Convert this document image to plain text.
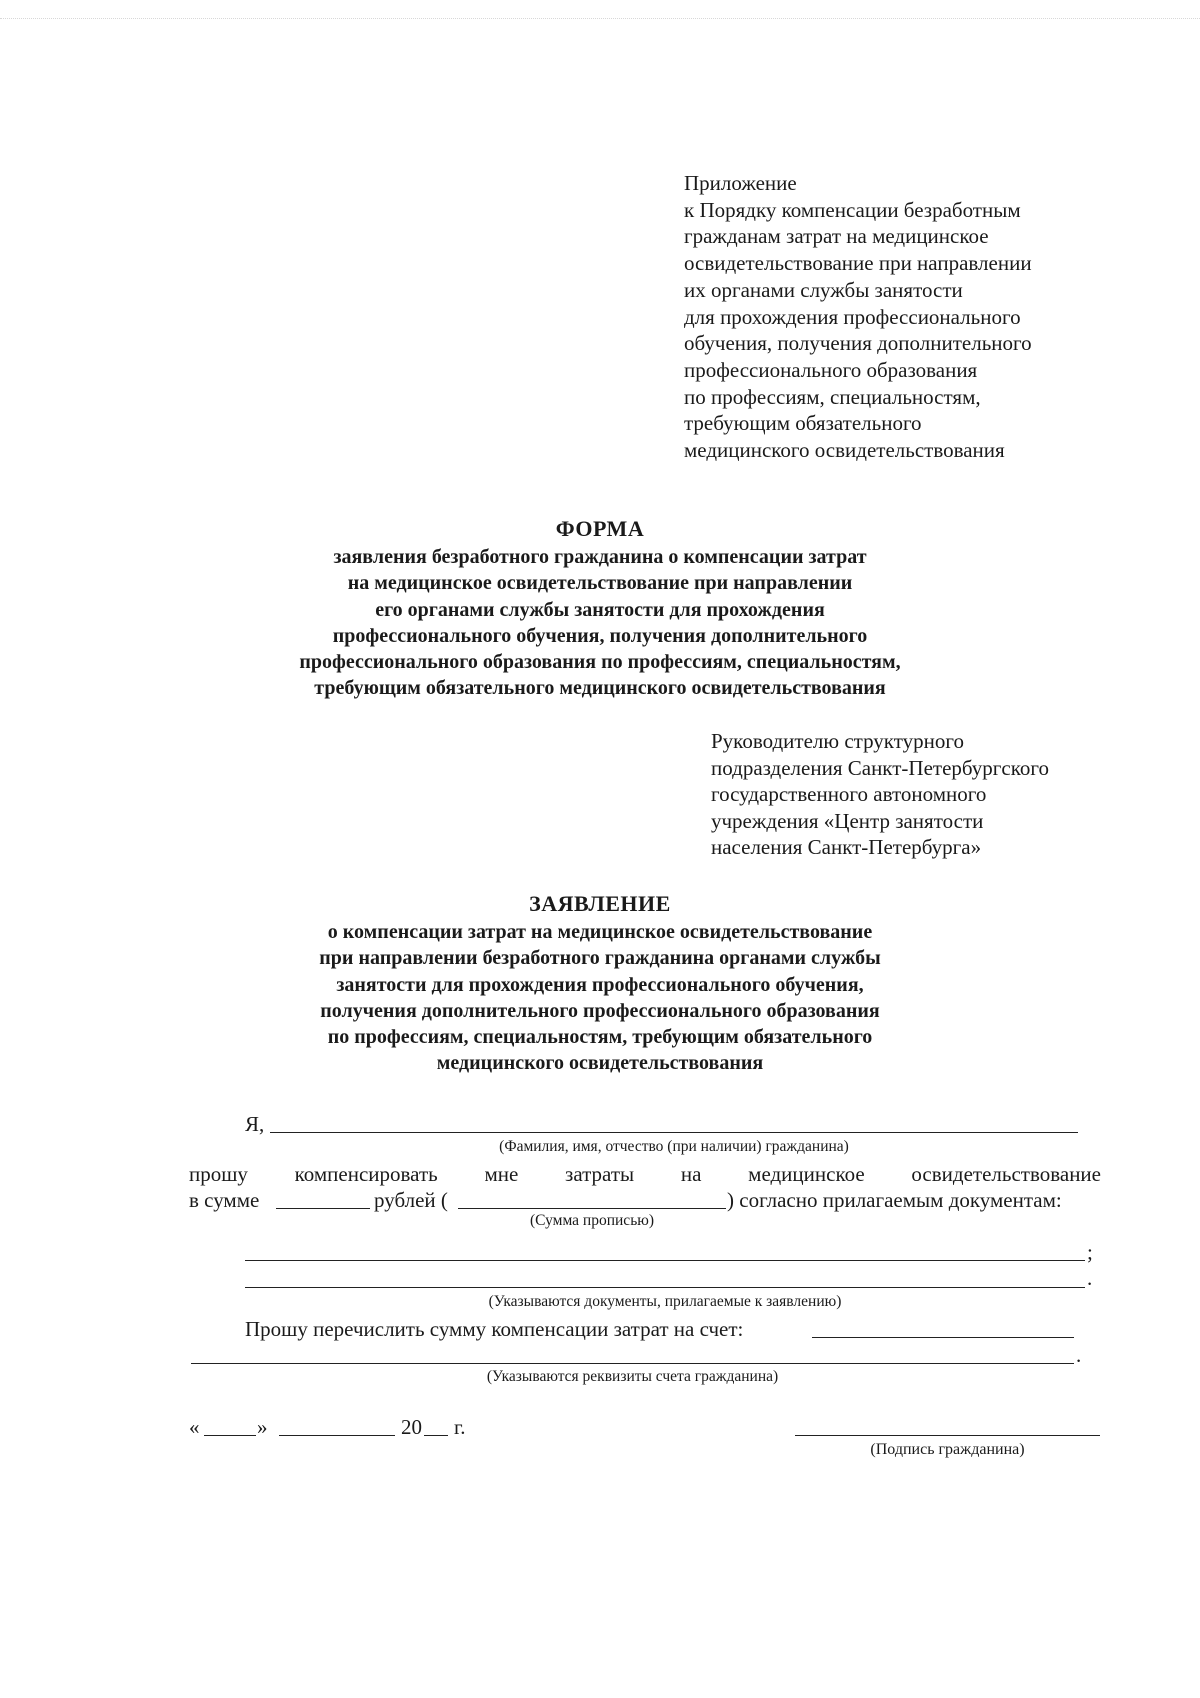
Приложение
к Порядку компенсации безработным
гражданам затрат на медицинское
освидетельствование при направлении
их органами службы занятости
для прохождения профессионального
обучения, получения дополнительного
профессионального образования
по профессиям, специальностям,
требующим обязательного
медицинского освидетельствования
ФОРМА
заявления безработного гражданина о компенсации затрат
на медицинское освидетельствование при направлении
его органами службы занятости для прохождения
профессионального обучения, получения дополнительного
профессионального образования по профессиям, специальностям,
требующим обязательного медицинского освидетельствования
Руководителю структурного
подразделения Санкт-Петербургского
государственного автономного
учреждения «Центр занятости
населения Санкт-Петербурга»
ЗАЯВЛЕНИЕ
о компенсации затрат на медицинское освидетельствование
при направлении безработного гражданина органами службы
занятости для прохождения профессионального обучения,
получения дополнительного профессионального образования
по профессиям, специальностям, требующим обязательного
медицинского освидетельствования
Я,
(Фамилия, имя, отчество (при наличии) гражданина)
прошу компенсировать мне затраты на медицинское освидетельствование
в сумме	рублей (	) согласно прилагаемым документам:
(Сумма прописью)
;
.
(Указываются документы, прилагаемые к заявлению)
Прошу перечислить сумму компенсации затрат на счет:
.
(Указываются реквизиты счета гражданина)
«	»	20 г.
(Подпись гражданина)
